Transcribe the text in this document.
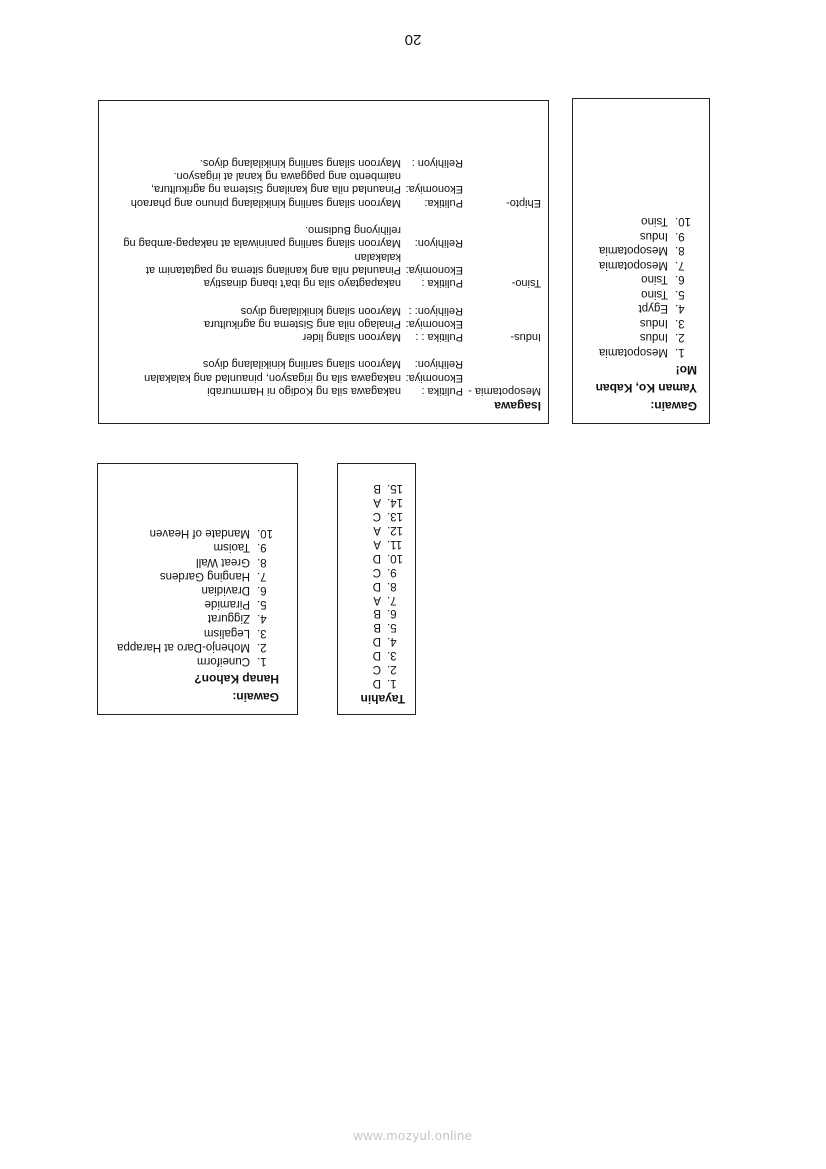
Tayahin
1.
D
2.
C
3.
D
4.
D
5.
B
6.
B
7.
A
8.
D
9.
C
10.
D
11.
A
12.
A
13.
C
14.
A
15.
B
Gawain:
Hanap Kahon?
1.
Cuneiform
2.
Mohenjo-Daro at Harappa
3.
Legalism
4.
Ziggurat
5.
Piramide
6.
Dravidian
7.
Hanging Gardens
8.
Great Wall
9.
Taoism
10.
Mandate of Heaven
Gawain:
Yaman Ko, Kaban
Mo!
1.
Mesopotamia
2.
Indus
3.
Indus
4.
Egypt
5.
Tsino
6.
Tsino
7.
Mesopotamia
8.
Mesopotamia
9.
Indus
10.
Tsino
Isagawa
Mesopotamia -
Pulitika :
nakagawa sila ng Kodigo ni Hammurabi
Ekonomiya:
nakagawa sila ng irigasyon, pinaunlad ang kalakalan
Relihiyon:
Mayroon silang sariling kinikilalang diyos
Indus-
Pulitika : :
Mayroon silang lider
Ekonomiya:
Pinalago nila ang Sistema ng agrikultura
Relihiyon: :
Mayroon silang kinikilalang diyos
Tsino-
Pulitika :
nakapagtayo sila ng iba't ibang dinastiya
Ekonomiya:
Pinaunlad nila ang kanilang sitema ng pagtatanim at kalakalan
Relihiyon:
Mayroon silang sariling paniniwala at nakapag-ambag ng relihiyong Budismo.
Ehipto-
Pulitika:
Mayroon silang sariling kinikilalang pinuno ang pharaoh
Ekonomiya:
Pinaunlad nila ang kanilang Sistema ng agrikultura, naimbento ang paggawa ng kanal at irigasyon.
Relihiyon :
Mayroon silang sariling kinikilalang diyos.
20
www.mozyul.online
